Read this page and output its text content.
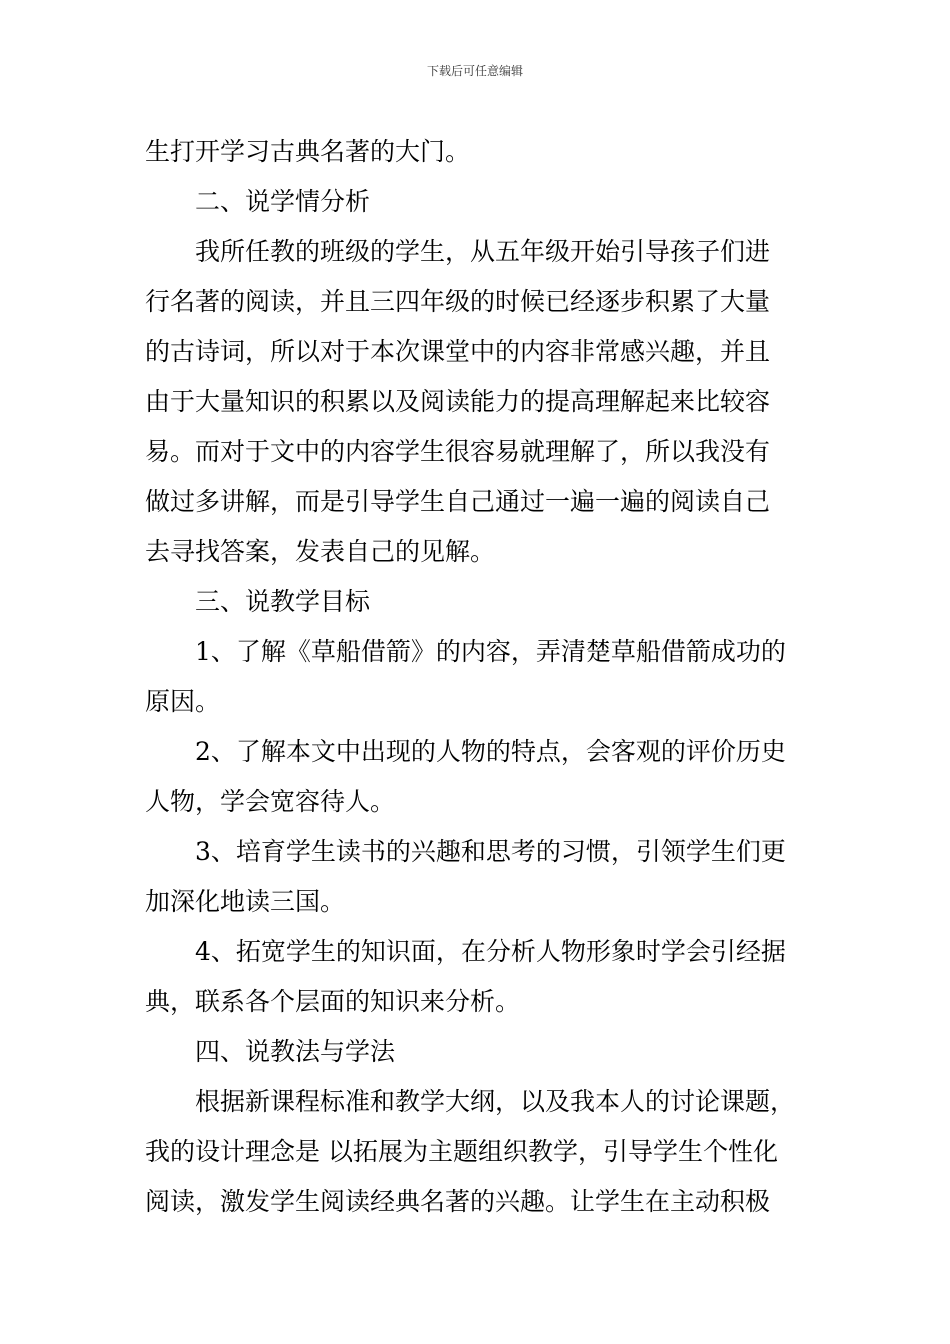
下载后可任意编辑
生打开学习古典名著的大门。
二、说学情分析
我所任教的班级的学生，从五年级开始引导孩子们进
行名著的阅读，并且三四年级的时候已经逐步积累了大量
的古诗词，所以对于本次课堂中的内容非常感兴趣，并且
由于大量知识的积累以及阅读能力的提高理解起来比较容
易。而对于文中的内容学生很容易就理解了，所以我没有
做过多讲解，而是引导学生自己通过一遍一遍的阅读自己
去寻找答案，发表自己的见解。
三、说教学目标
1、了解《草船借箭》的内容，弄清楚草船借箭成功的
原因。
2、了解本文中出现的人物的特点，会客观的评价历史
人物，学会宽容待人。
3、培育学生读书的兴趣和思考的习惯，引领学生们更
加深化地读三国。
4、拓宽学生的知识面，在分析人物形象时学会引经据
典，联系各个层面的知识来分析。
四、说教法与学法
根据新课程标准和教学大纲，以及我本人的讨论课题，
我的设计理念是 以拓展为主题组织教学，引导学生个性化
阅读，激发学生阅读经典名著的兴趣。让学生在主动积极
